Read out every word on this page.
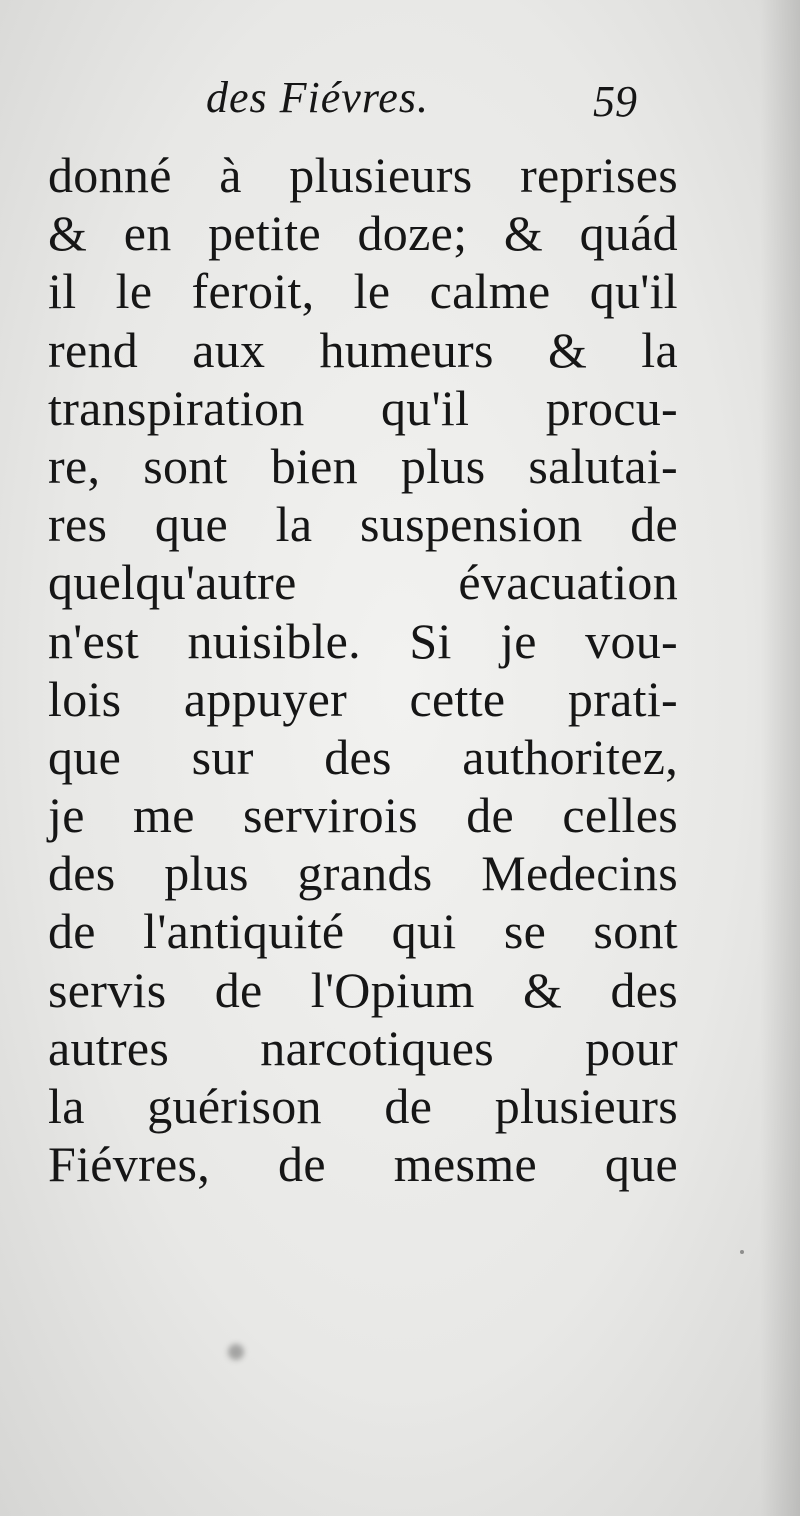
des Fiévres.	59
donné à plusieurs reprises
& en petite doze; & quád
il le feroit, le calme qu'il
rend aux humeurs & la
transpiration qu'il procu-
re, sont bien plus salutai-
res que la suspension de
quelqu'autre évacuation
n'est nuisible. Si je vou-
lois appuyer cette prati-
que sur des authoritez,
je me servirois de celles
des plus grands Medecins
de l'antiquité qui se sont
servis de l'Opium & des
autres narcotiques pour
la guérison de plusieurs
Fiévres, de mesme que
